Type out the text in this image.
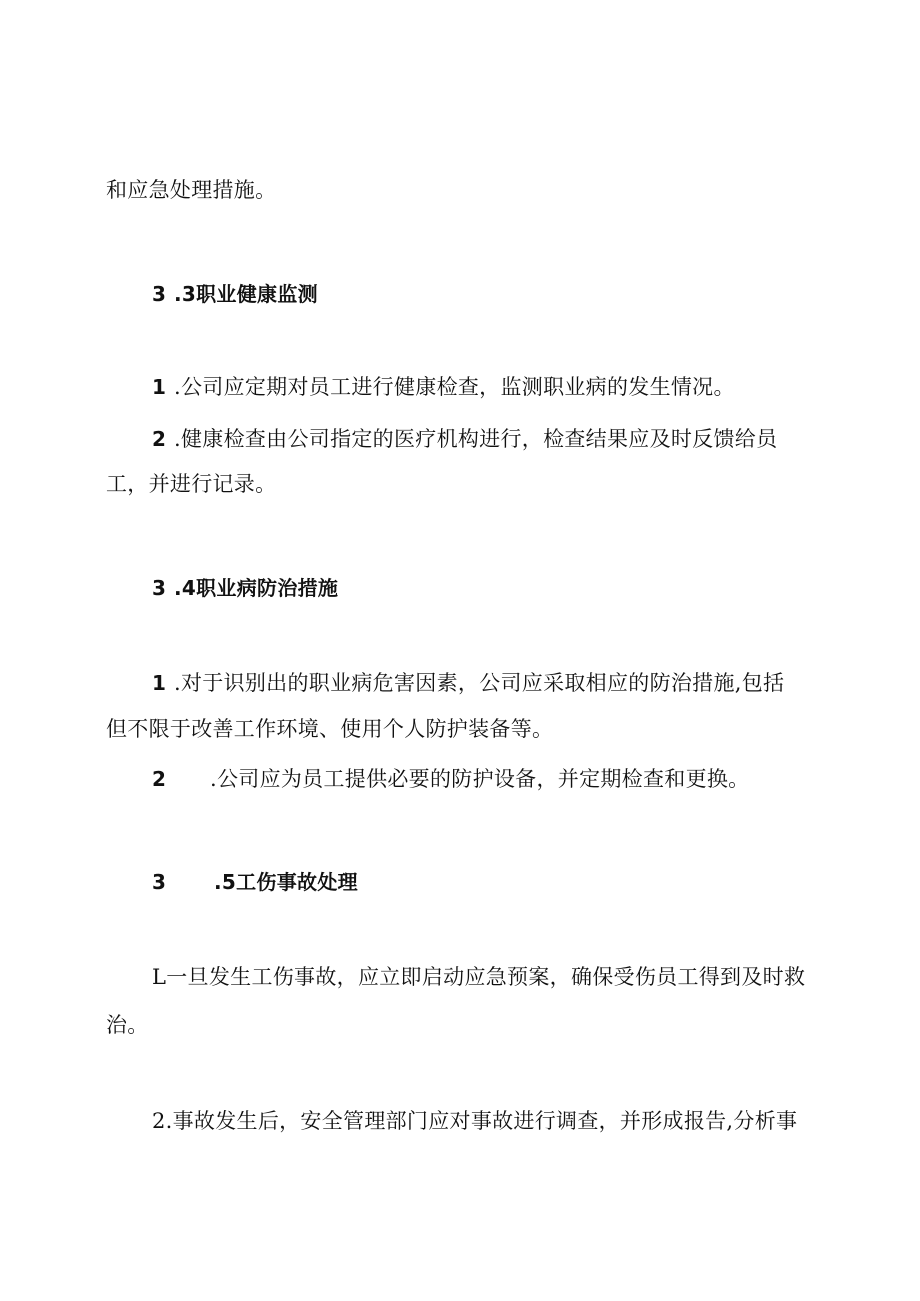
和应急处理措施。
3 .3职业健康监测
1 .公司应定期对员工进行健康检查，监测职业病的发生情况。
2 .健康检查由公司指定的医疗机构进行，检查结果应及时反馈给员
工，并进行记录。
3 .4职业病防治措施
1 .对于识别出的职业病危害因素，公司应采取相应的防治措施,包括
但不限于改善工作环境、使用个人防护装备等。
2 .公司应为员工提供必要的防护设备，并定期检查和更换。
3 .5工伤事故处理
L一旦发生工伤事故，应立即启动应急预案，确保受伤员工得到及时救
治。
2.事故发生后，安全管理部门应对事故进行调查，并形成报告,分析事
